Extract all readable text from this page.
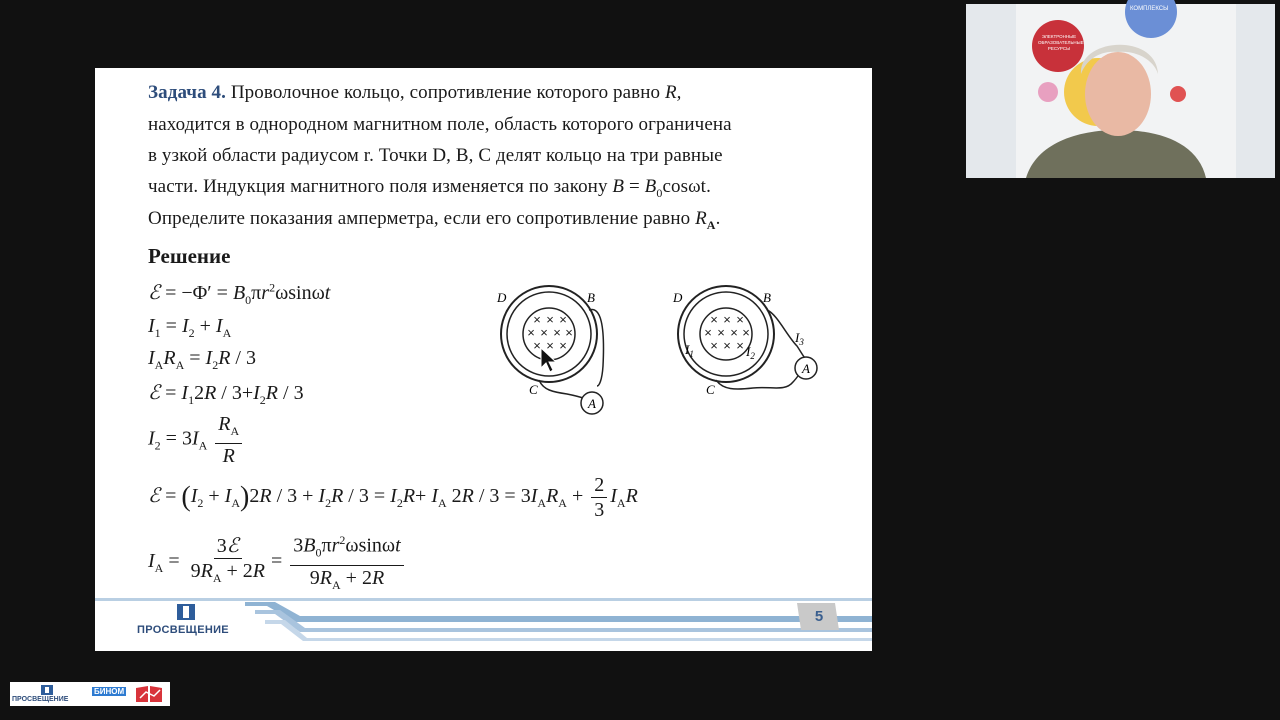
Задача 4. Проволочное кольцо, сопротивление которого равно R,
находится в однородном магнитном поле, область которого ограничена
в узкой области радиусом r. Точки D, B, C делят кольцо на три равные
части. Индукция магнитного поля изменяется по закону $B = B_0\cos\omega t$.
Определите показания амперметра, если его сопротивление равно $R_A$.
Решение
ℰ = $-\Phi' = B_0\pi r^2\omega\sin\omega t$
$I_1 = I_2 + I_A$
$I_AR_A = I_2R / 3$
ℰ = $I_12R / 3+I_2R / 3$
$I_2 = 3I_A \frac{R_A}{R}$
ℰ = $(I_2 + I_A)2R / 3 + I_2R / 3 = I_2R+ I_A$ $2R / 3 = 3I_AR_A + \frac{2}{3} I_AR$
$I_A = \frac{\text{3ℰ}}{9R_A + 2R} = \frac{3B_0\pi r^2\omega\sin\omega t}{9R_A + 2R}$
× × ×
× × × ×
× × ×
A
D	B
C
× × ×
× × × ×
× × ×
A
D	B
C
$I_1$	$I_2$
$I_3$
5
ПРОСВЕЩЕНИЕ
КОМПЛЕКСЫ
ЭЛЕКТРОННЫЕ ОБРАЗОВАТЕЛЬНЫЕ РЕСУРСЫ
ПРОСВЕЩЕНИЕ
БИНОМ
